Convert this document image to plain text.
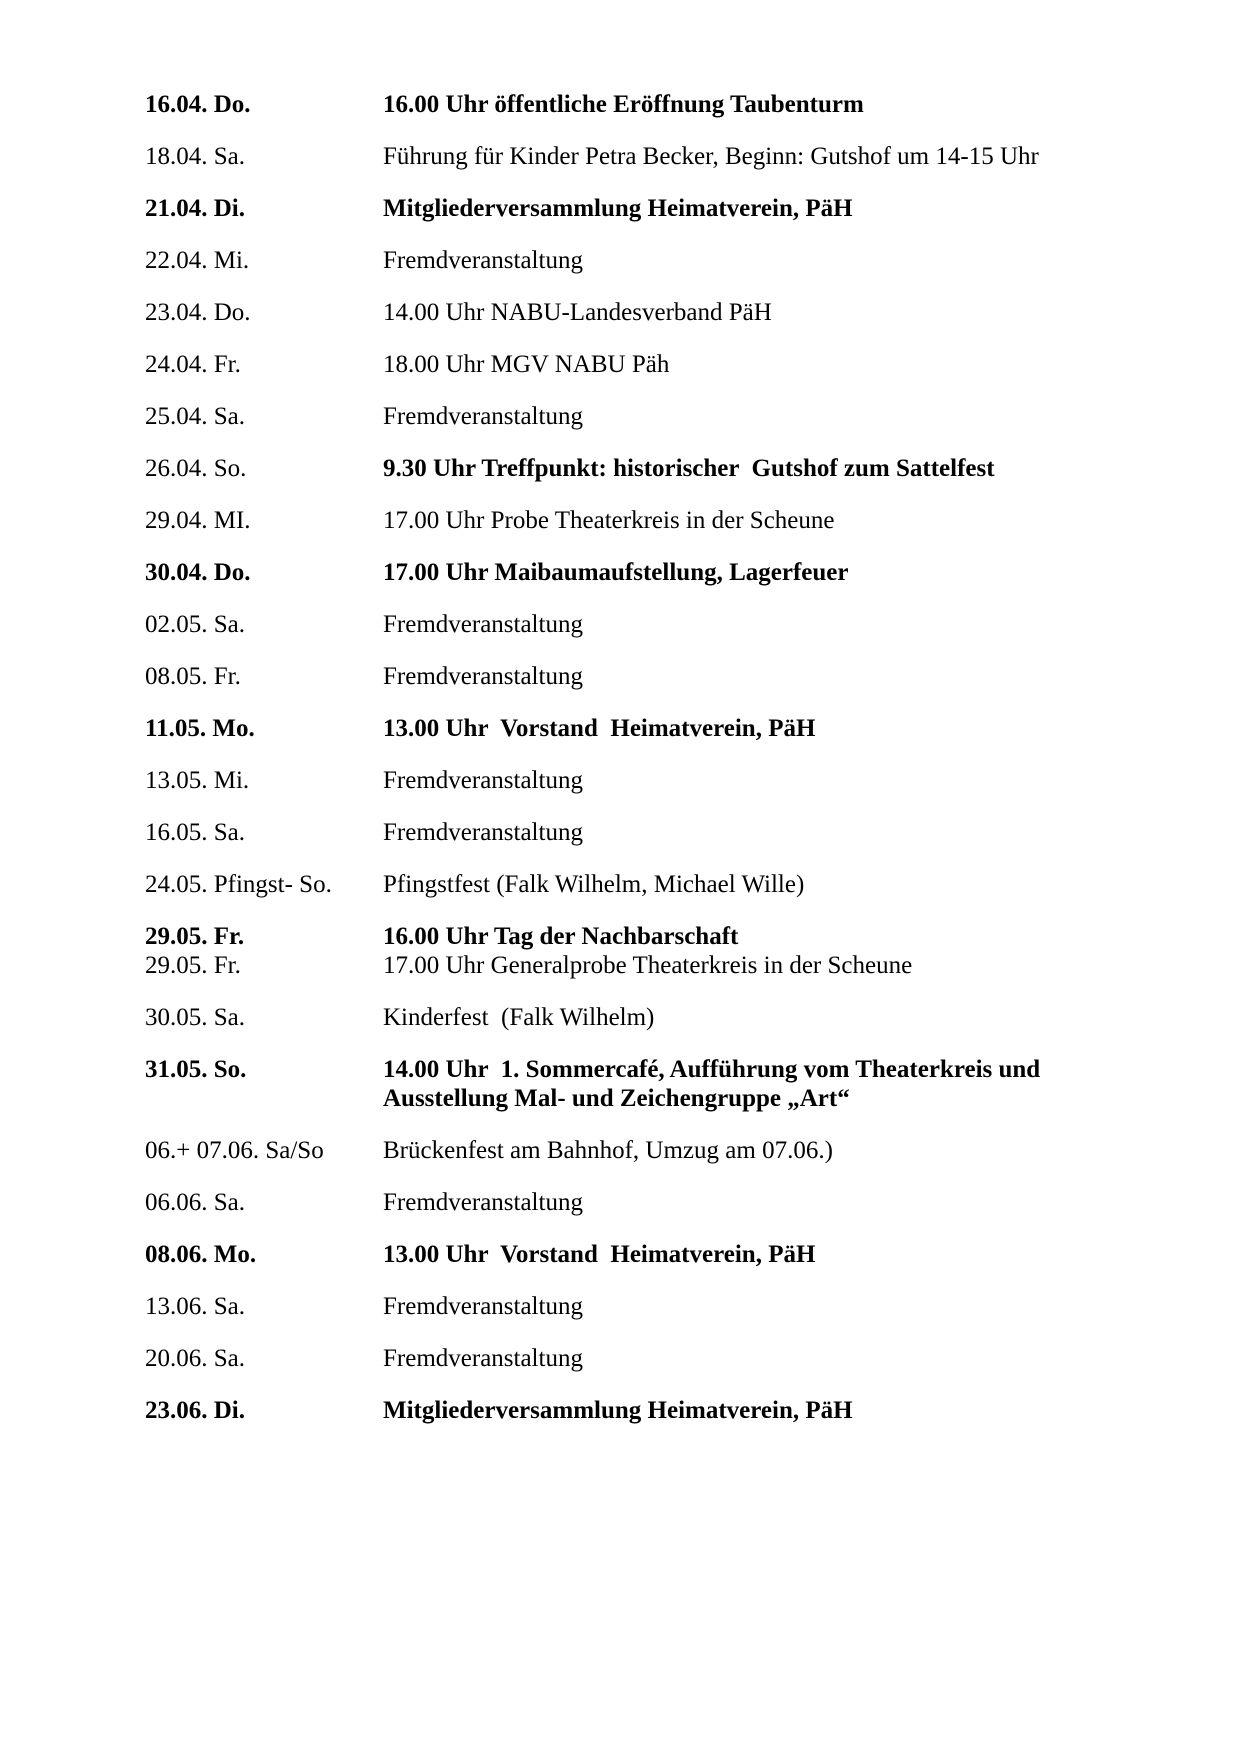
16.04. Do.	16.00 Uhr öffentliche Eröffnung Taubenturm
18.04. Sa.	Führung für Kinder Petra Becker, Beginn: Gutshof um 14-15 Uhr
21.04. Di.	Mitgliederversammlung Heimatverein, PäH
22.04. Mi.	Fremdveranstaltung
23.04. Do.	14.00 Uhr NABU-Landesverband PäH
24.04. Fr.	18.00 Uhr MGV NABU Päh
25.04. Sa.	Fremdveranstaltung
26.04. So.	9.30 Uhr Treffpunkt: historischer  Gutshof zum Sattelfest
29.04. MI.	17.00 Uhr Probe Theaterkreis in der Scheune
30.04. Do.	17.00 Uhr Maibaumaufstellung, Lagerfeuer
02.05. Sa.	Fremdveranstaltung
08.05. Fr.	Fremdveranstaltung
11.05. Mo.	13.00 Uhr  Vorstand  Heimatverein, PäH
13.05. Mi.	Fremdveranstaltung
16.05. Sa.	Fremdveranstaltung
24.05. Pfingst- So.	Pfingstfest (Falk Wilhelm, Michael Wille)
29.05. Fr.	16.00 Uhr Tag der Nachbarschaft
29.05. Fr.	17.00 Uhr Generalprobe Theaterkreis in der Scheune
30.05. Sa.	Kinderfest  (Falk Wilhelm)
31.05. So.	14.00 Uhr  1. Sommercafé, Aufführung vom Theaterkreis und
Ausstellung Mal- und Zeichengruppe „Art“
06.+ 07.06. Sa/So	Brückenfest am Bahnhof, Umzug am 07.06.)
06.06. Sa.	Fremdveranstaltung
08.06. Mo.	13.00 Uhr  Vorstand  Heimatverein, PäH
13.06. Sa.	Fremdveranstaltung
20.06. Sa.	Fremdveranstaltung
23.06. Di.	Mitgliederversammlung Heimatverein, PäH
